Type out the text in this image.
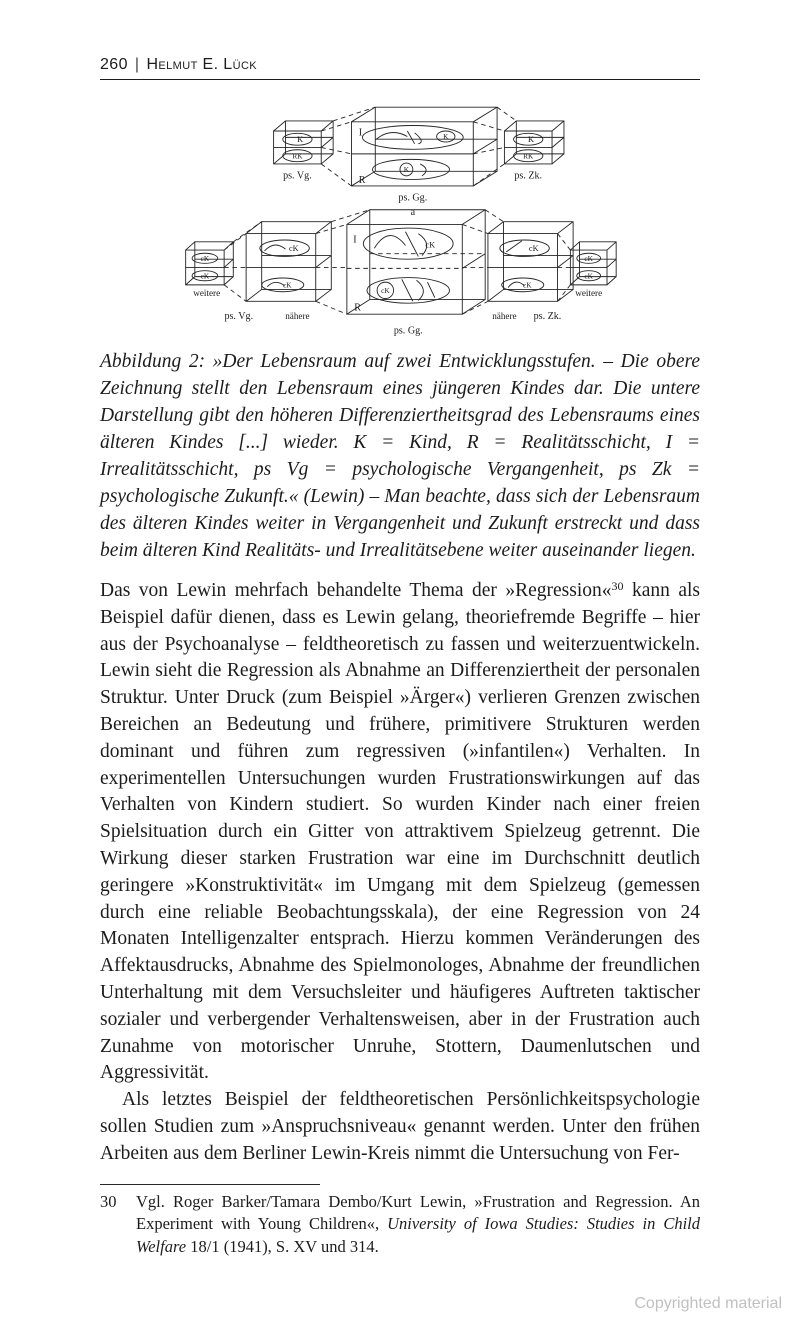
260 | Helmut E. Lück
K
RK
I	K
R
K
K
RK
ps. Vg.
ps. Gg.
ps. Zk.
a
cK
cK
cK
cK
I	cK
R
cK
cK
cK
cK
cK
weitere
ps. Vg.	nähere
ps. Gg.
nähere ps. Zk.
weitere

Abbildung 2: »Der Lebensraum auf zwei Entwicklungsstufen. – Die obere Zeichnung stellt den Lebensraum eines jüngeren Kindes dar. Die untere Darstellung gibt den höheren Differenziertheitsgrad des Lebensraums eines älteren Kindes [...] wieder. K = Kind, R = Realitätsschicht, I = Irrealitätsschicht, ps Vg = psychologische Vergangenheit, ps Zk = psychologische Zukunft.« (Lewin) – Man beachte, dass sich der Lebensraum des älteren Kindes weiter in Vergangenheit und Zukunft erstreckt und dass beim älteren Kind Realitäts- und Irrealitätsebene weiter auseinander liegen.

Das von Lewin mehrfach behandelte Thema der »Regression«$^{30}$ kann als Beispiel dafür dienen, dass es Lewin gelang, theoriefremde Begriffe – hier aus der Psychoanalyse – feldtheoretisch zu fassen und weiterzuentwickeln. Lewin sieht die Regression als Abnahme an Differenziertheit der personalen Struktur. Unter Druck (zum Beispiel »Ärger«) verlieren Grenzen zwischen Bereichen an Bedeutung und frühere, primitivere Strukturen werden dominant und führen zum regressiven (»infantilen«) Verhalten. In experimentellen Untersuchungen wurden Frustrationswirkungen auf das Verhalten von Kindern studiert. So wurden Kinder nach einer freien Spielsituation durch ein Gitter von attraktivem Spielzeug getrennt. Die Wirkung dieser starken Frustration war eine im Durchschnitt deutlich geringere »Konstruktivität« im Umgang mit dem Spielzeug (gemessen durch eine reliable Beobachtungsskala), der eine Regression von 24 Monaten Intelligenzalter entsprach. Hierzu kommen Veränderungen des Affektausdrucks, Abnahme des Spielmonologes, Abnahme der freundlichen Unterhaltung mit dem Versuchsleiter und häufigeres Auftreten taktischer sozialer und verbergender Verhaltensweisen, aber in der Frustration auch Zunahme von motorischer Unruhe, Stottern, Daumenlutschen und Aggressivität.

Als letztes Beispiel der feldtheoretischen Persönlichkeitspsychologie sollen Studien zum »Anspruchsniveau« genannt werden. Unter den frühen Arbeiten aus dem Berliner Lewin-Kreis nimmt die Untersuchung von Fer-

30 Vgl. Roger Barker/Tamara Dembo/Kurt Lewin, »Frustration and Regression. An Experiment with Young Children«, University of Iowa Studies: Studies in Child Welfare 18/1 (1941), S. XV und 314.
Copyrighted material
